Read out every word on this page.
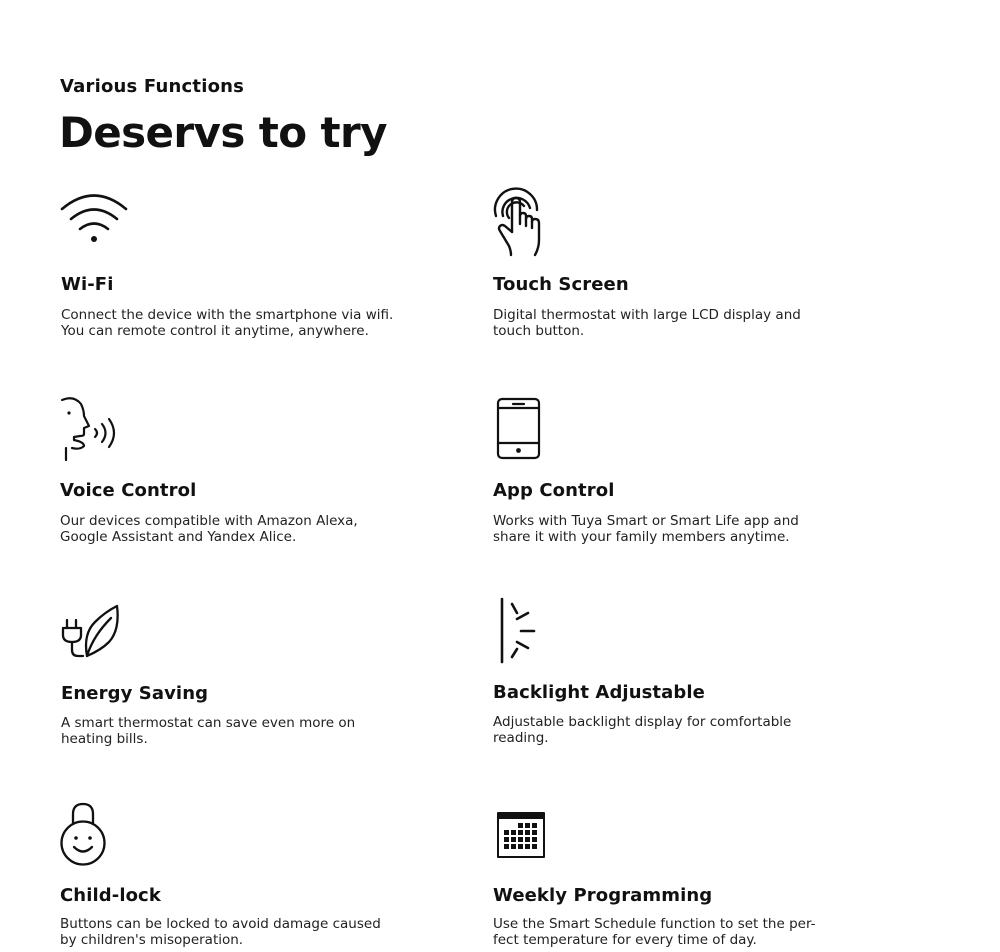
Various Functions
Deservs to try
Wi-Fi
Connect the device with the smartphone via wifi.
You can remote control it anytime, anywhere.
Touch Screen
Digital thermostat with large LCD display and
touch button.
Voice Control
Our devices compatible with Amazon Alexa,
Google Assistant and Yandex Alice.
App Control
Works with Tuya Smart or Smart Life app and
share it with your family members anytime.
Energy Saving
A smart thermostat can save even more on
heating bills.
Backlight Adjustable
Adjustable backlight display for comfortable
reading.
Child-lock
Buttons can be locked to avoid damage caused
by children's misoperation.
Weekly Programming
Use the Smart Schedule function to set the per-
fect temperature for every time of day.
